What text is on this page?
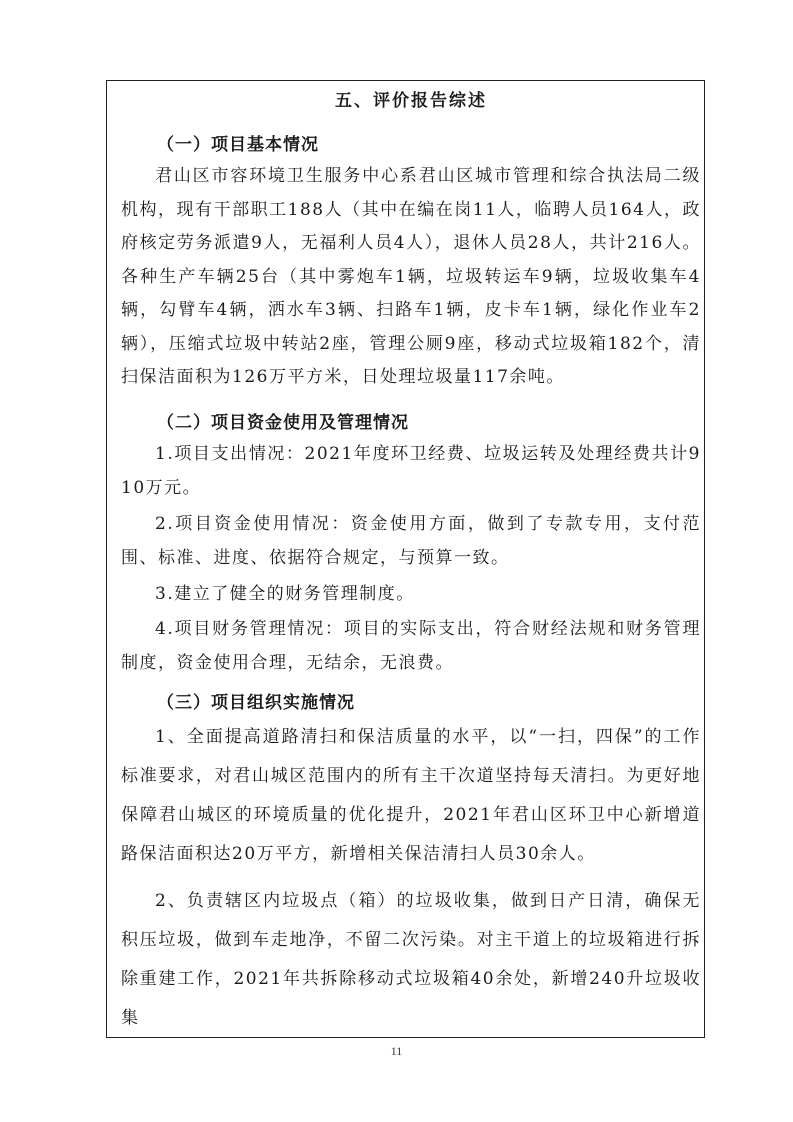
五、评价报告综述
（一）项目基本情况
君山区市容环境卫生服务中心系君山区城市管理和综合执法局二级机构，现有干部职工188人（其中在编在岗11人，临聘人员164人，政府核定劳务派遣9人，无福利人员4人），退休人员28人，共计216人。各种生产车辆25台（其中雾炮车1辆，垃圾转运车9辆，垃圾收集车4辆，勾臂车4辆，洒水车3辆、扫路车1辆，皮卡车1辆，绿化作业车2辆），压缩式垃圾中转站2座，管理公厕9座，移动式垃圾箱182个，清扫保洁面积为126万平方米，日处理垃圾量117余吨。
（二）项目资金使用及管理情况
1.项目支出情况：2021年度环卫经费、垃圾运转及处理经费共计910万元。
2.项目资金使用情况：资金使用方面，做到了专款专用，支付范围、标准、进度、依据符合规定，与预算一致。
3.建立了健全的财务管理制度。
4.项目财务管理情况：项目的实际支出，符合财经法规和财务管理制度，资金使用合理，无结余，无浪费。
（三）项目组织实施情况
1、全面提高道路清扫和保洁质量的水平，以“一扫，四保”的工作标准要求，对君山城区范围内的所有主干次道坚持每天清扫。为更好地保障君山城区的环境质量的优化提升，2021年君山区环卫中心新增道路保洁面积达20万平方，新增相关保洁清扫人员30余人。
2、负责辖区内垃圾点（箱）的垃圾收集，做到日产日清，确保无积压垃圾，做到车走地净，不留二次污染。对主干道上的垃圾箱进行拆除重建工作，2021年共拆除移动式垃圾箱40余处，新增240升垃圾收集
11
